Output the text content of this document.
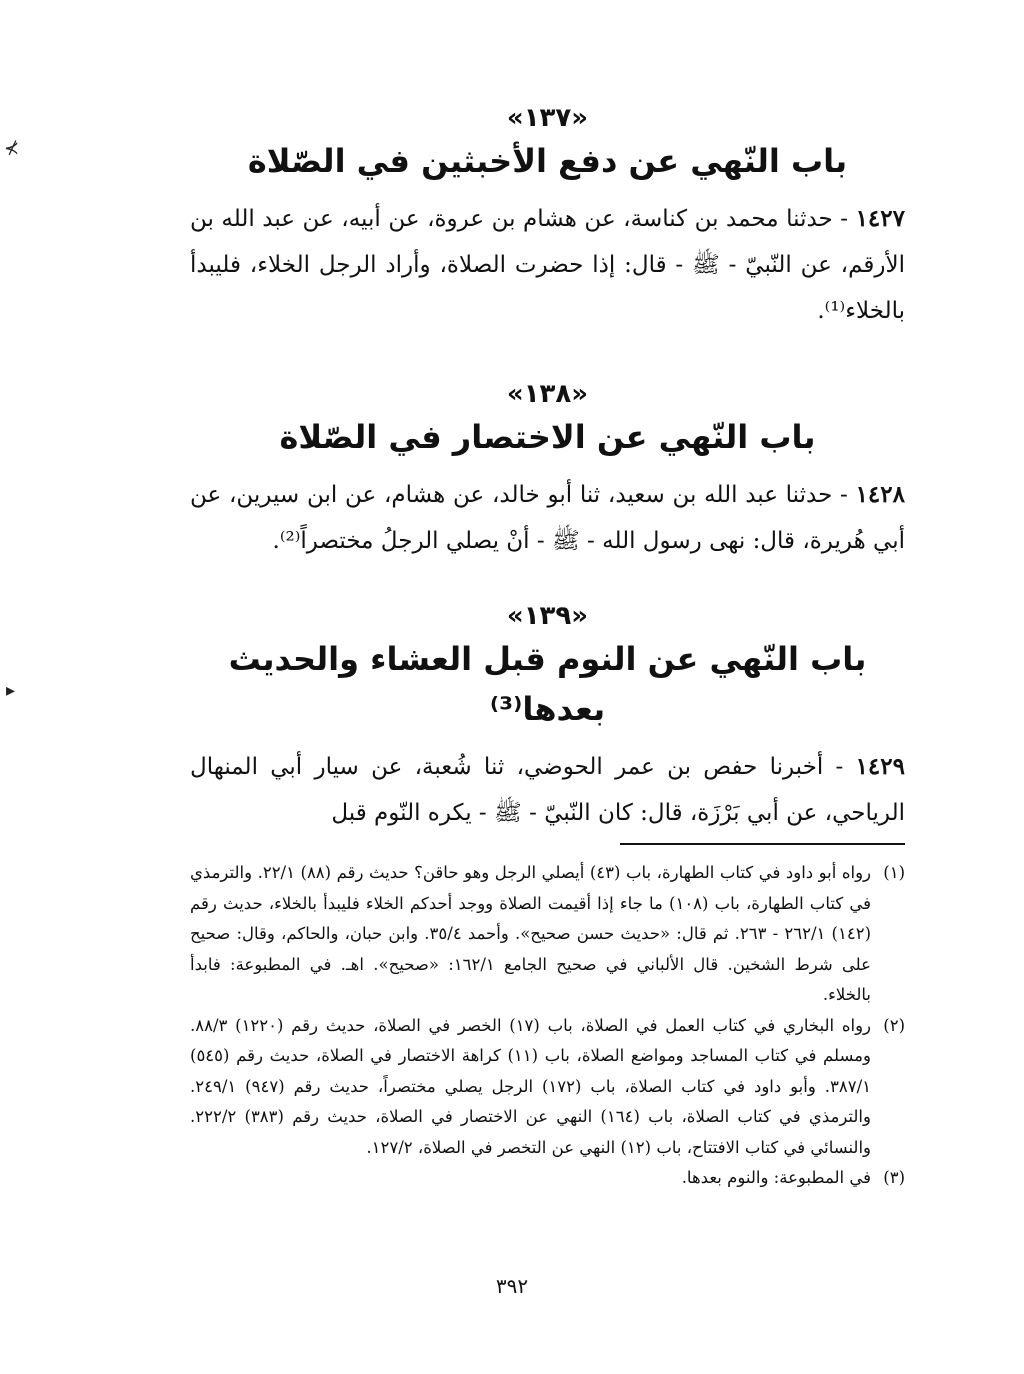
⊀
▸

«١٣٧»

باب النّهي عن دفع الأخبثين في الصّلاة

١٤٢٧ - حدثنا محمد بن كناسة، عن هشام بن عروة، عن أبيه، عن عبد الله بن الأرقم، عن النّبيّ - ﷺ - قال: إذا حضرت الصلاة، وأراد الرجل الخلاء، فليبدأ بالخلاء⁽¹⁾.

«١٣٨»

باب النّهي عن الاختصار في الصّلاة

١٤٢٨ - حدثنا عبد الله بن سعيد، ثنا أبو خالد، عن هشام، عن ابن سيرين، عن أبي هُريرة، قال: نهى رسول الله - ﷺ - أنْ يصلي الرجلُ مختصراً⁽²⁾.

«١٣٩»

باب النّهي عن النوم قبل العشاء والحديث بعدها⁽³⁾

١٤٢٩ - أخبرنا حفص بن عمر الحوضي، ثنا شُعبة، عن سيار أبي المنهال الرياحي، عن أبي بَرْزَة، قال: كان النّبيّ - ﷺ - يكره النّوم قبل

(١)
رواه أبو داود في كتاب الطهارة، باب (٤٣) أيصلي الرجل وهو حاقن؟ حديث رقم (٨٨) ٢٢/١. والترمذي في كتاب الطهارة، باب (١٠٨) ما جاء إذا أقيمت الصلاة ووجد أحدكم الخلاء فليبدأ بالخلاء، حديث رقم (١٤٢) ٢٦٢/١ - ٢٦٣. ثم قال: «حديث حسن صحيح». وأحمد ٣٥/٤. وابن حبان، والحاكم، وقال: صحيح على شرط الشخين. قال الألباني في صحيح الجامع ١٦٢/١: «صحيح». اهـ. في المطبوعة: فابدأ بالخلاء.
(٢)
رواه البخاري في كتاب العمل في الصلاة، باب (١٧) الخصر في الصلاة، حديث رقم (١٢٢٠) ٨٨/٣. ومسلم في كتاب المساجد ومواضع الصلاة، باب (١١) كراهة الاختصار في الصلاة، حديث رقم (٥٤٥) ٣٨٧/١. وأبو داود في كتاب الصلاة، باب (١٧٢) الرجل يصلي مختصراً، حديث رقم (٩٤٧) ٢٤٩/١. والترمذي في كتاب الصلاة، باب (١٦٤) النهي عن الاختصار في الصلاة، حديث رقم (٣٨٣) ٢٢٢/٢. والنسائي في كتاب الافتتاح، باب (١٢) النهي عن التخصر في الصلاة، ١٢٧/٢.
(٣)
في المطبوعة: والنوم بعدها.
٣٩٢
